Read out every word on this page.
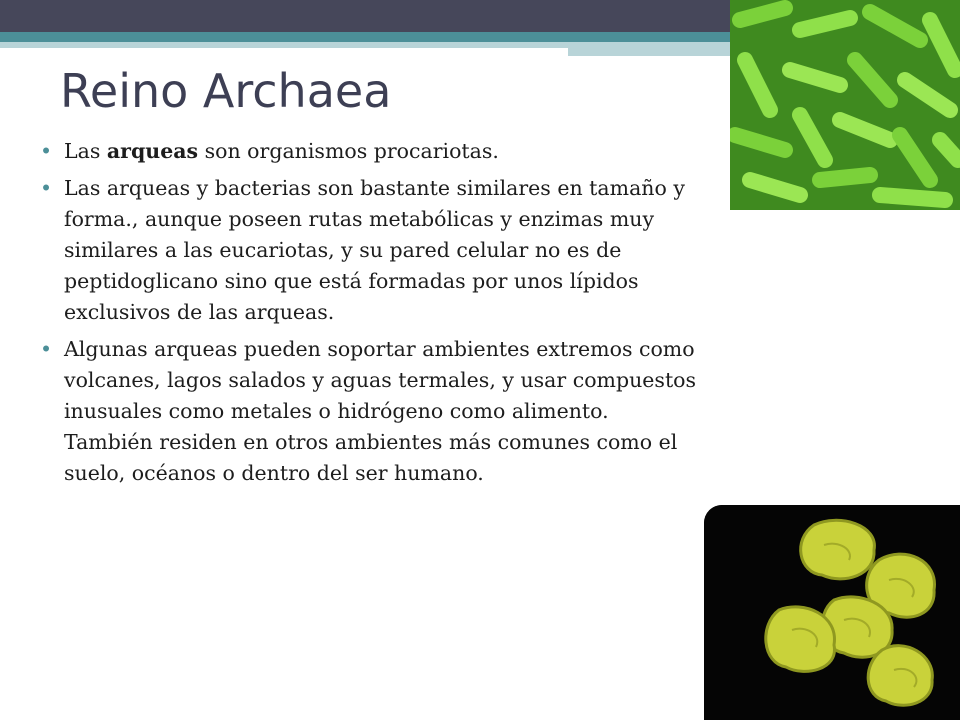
Reino Archaea
• Las arqueas son organismos procariotas.
• Las arqueas y bacterias son bastante similares en tamaño y forma., aunque poseen rutas metabólicas y enzimas muy similares a las eucariotas, y su pared celular no es de peptidoglicano sino que está formadas por unos lípidos exclusivos de las arqueas.
• Algunas arqueas pueden soportar ambientes extremos como volcanes, lagos salados y aguas termales, y usar compuestos inusuales como metales o hidrógeno como alimento. También residen en otros ambientes más comunes como el suelo, océanos o dentro del ser humano.
